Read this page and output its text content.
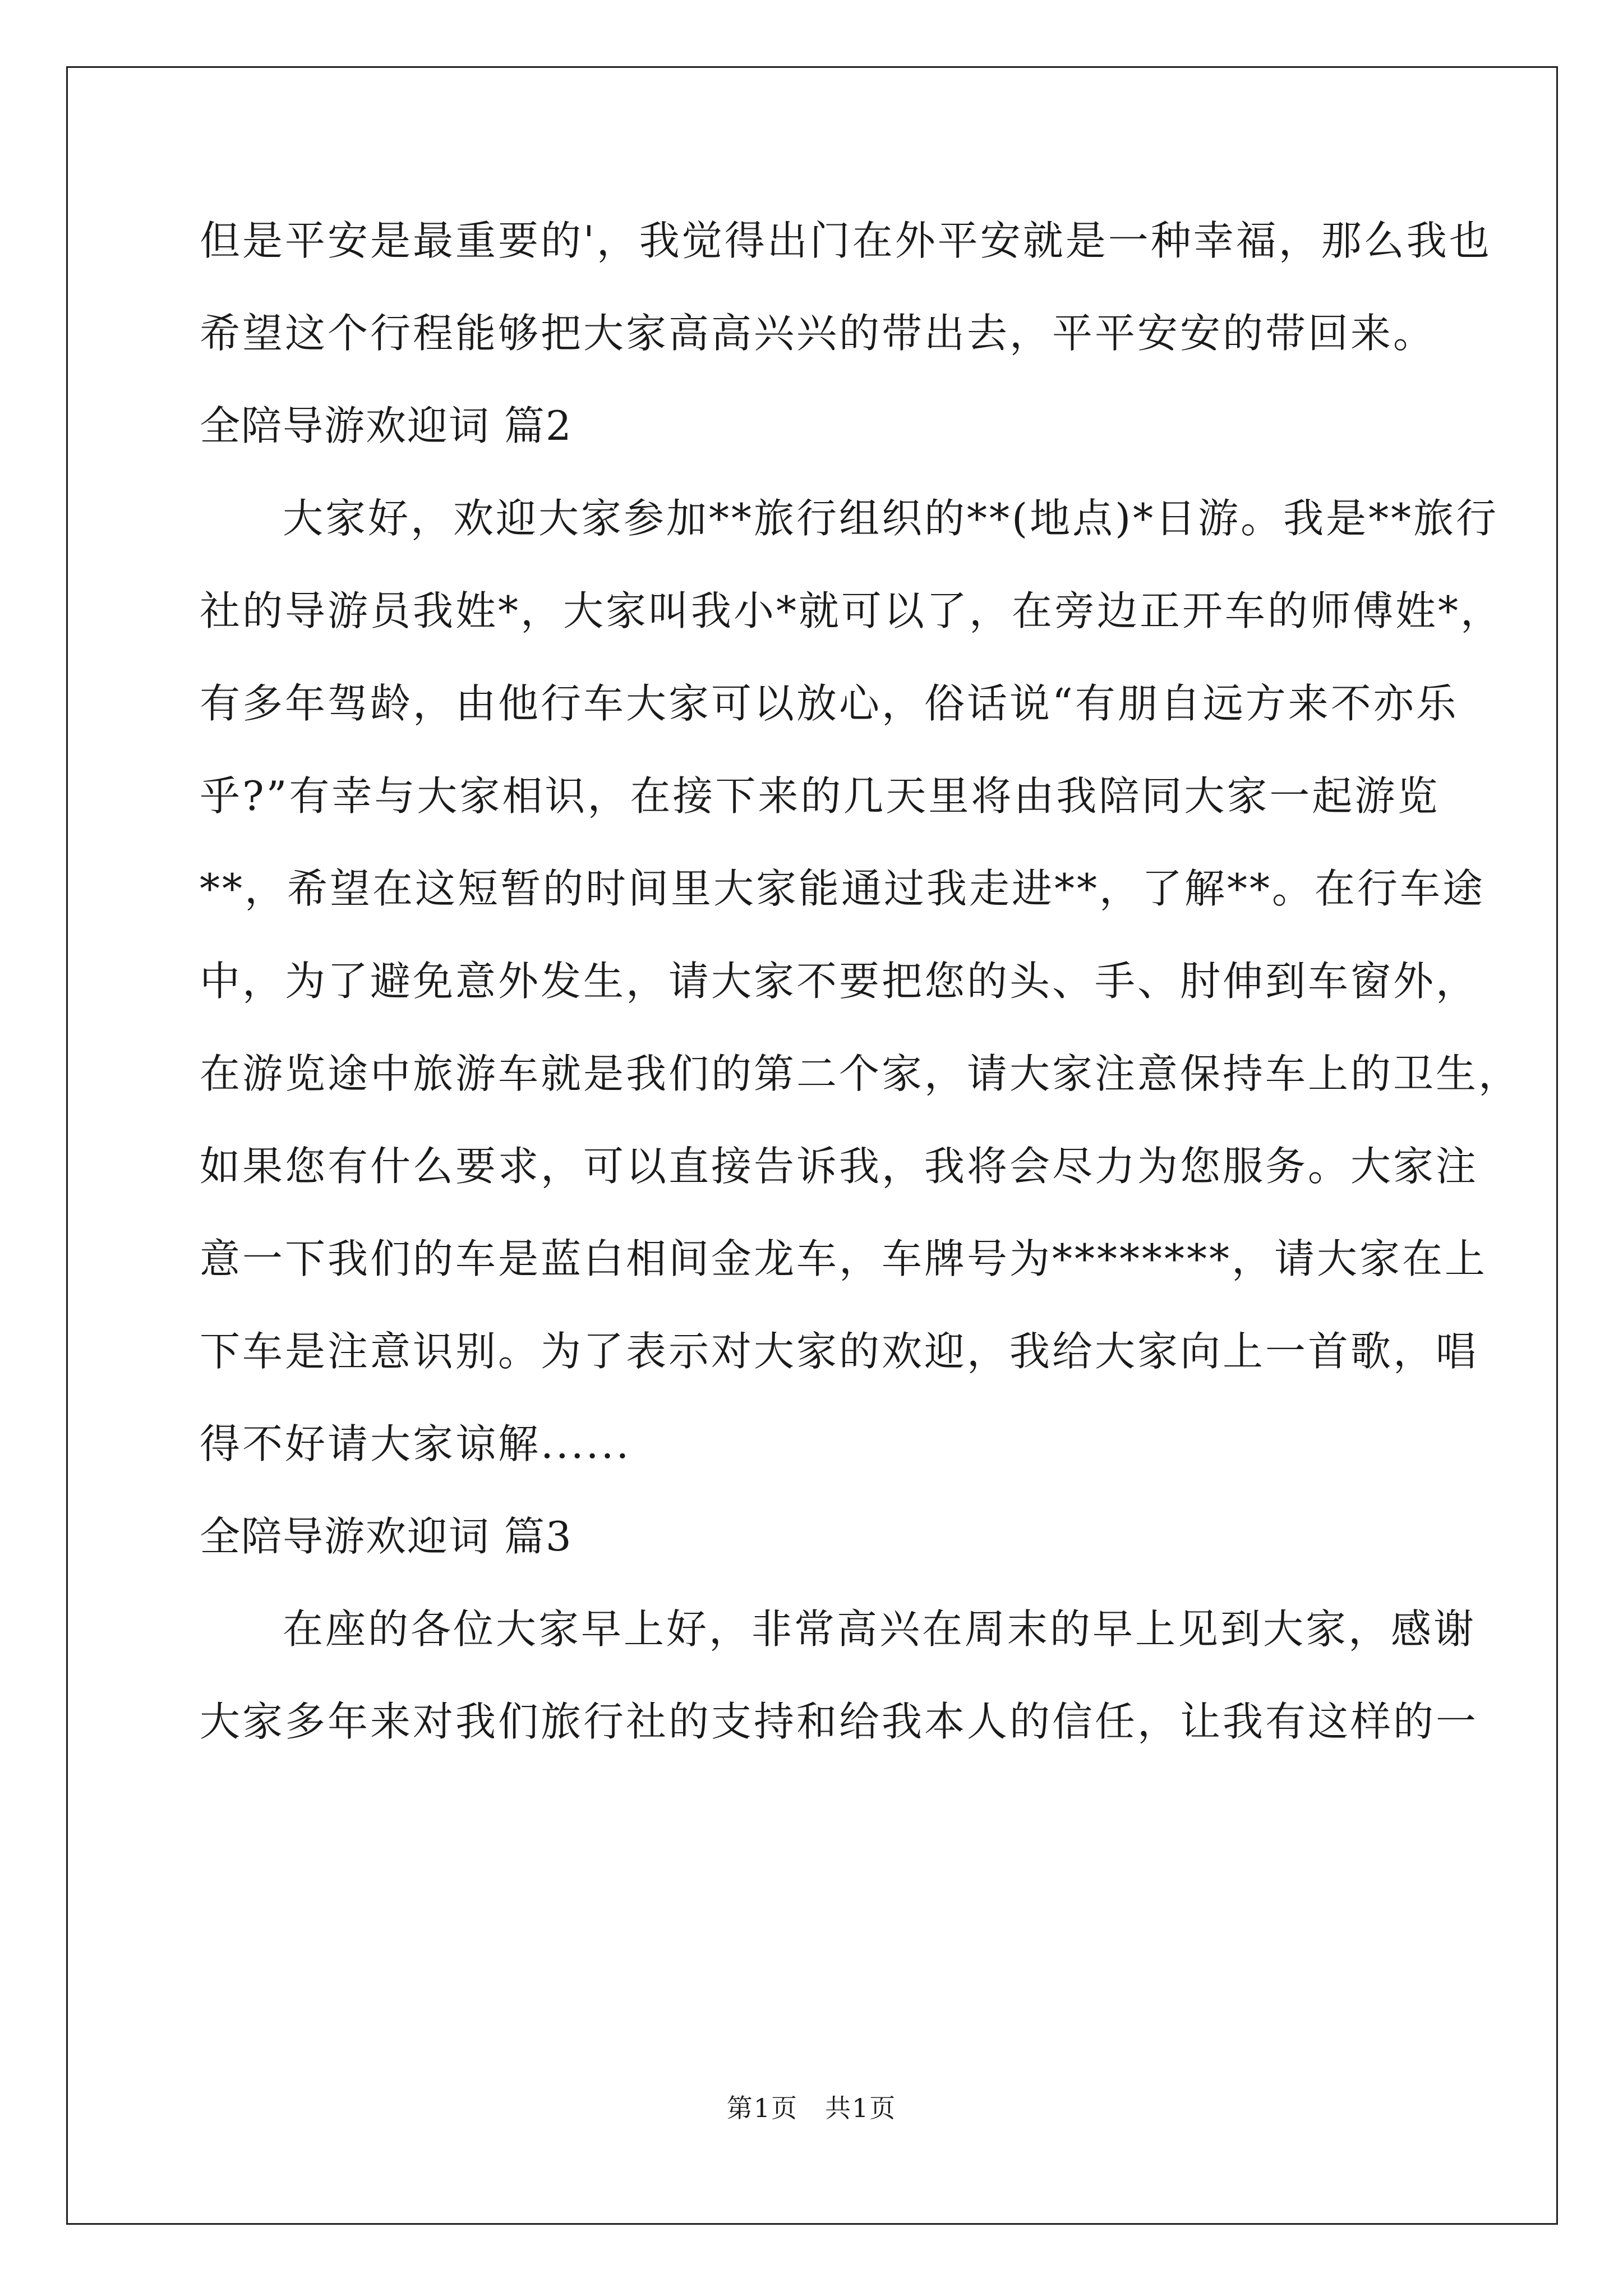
但是平安是最重要的'，我觉得出门在外平安就是一种幸福，那么我也
希望这个行程能够把大家高高兴兴的带出去，平平安安的带回来。
全陪导游欢迎词 篇2
大家好，欢迎大家参加**旅行组织的**(地点)*日游。我是**旅行
社的导游员我姓*，大家叫我小*就可以了，在旁边正开车的师傅姓*，
有多年驾龄，由他行车大家可以放心，俗话说“有朋自远方来不亦乐
乎?”有幸与大家相识，在接下来的几天里将由我陪同大家一起游览
**，希望在这短暂的时间里大家能通过我走进**，了解**。在行车途
中，为了避免意外发生，请大家不要把您的头、手、肘伸到车窗外，
在游览途中旅游车就是我们的第二个家，请大家注意保持车上的卫生，
如果您有什么要求，可以直接告诉我，我将会尽力为您服务。大家注
意一下我们的车是蓝白相间金龙车，车牌号为********，请大家在上
下车是注意识别。为了表示对大家的欢迎，我给大家向上一首歌，唱
得不好请大家谅解......
全陪导游欢迎词 篇3
在座的各位大家早上好，非常高兴在周末的早上见到大家，感谢
大家多年来对我们旅行社的支持和给我本人的信任，让我有这样的一
第1页　共1页
